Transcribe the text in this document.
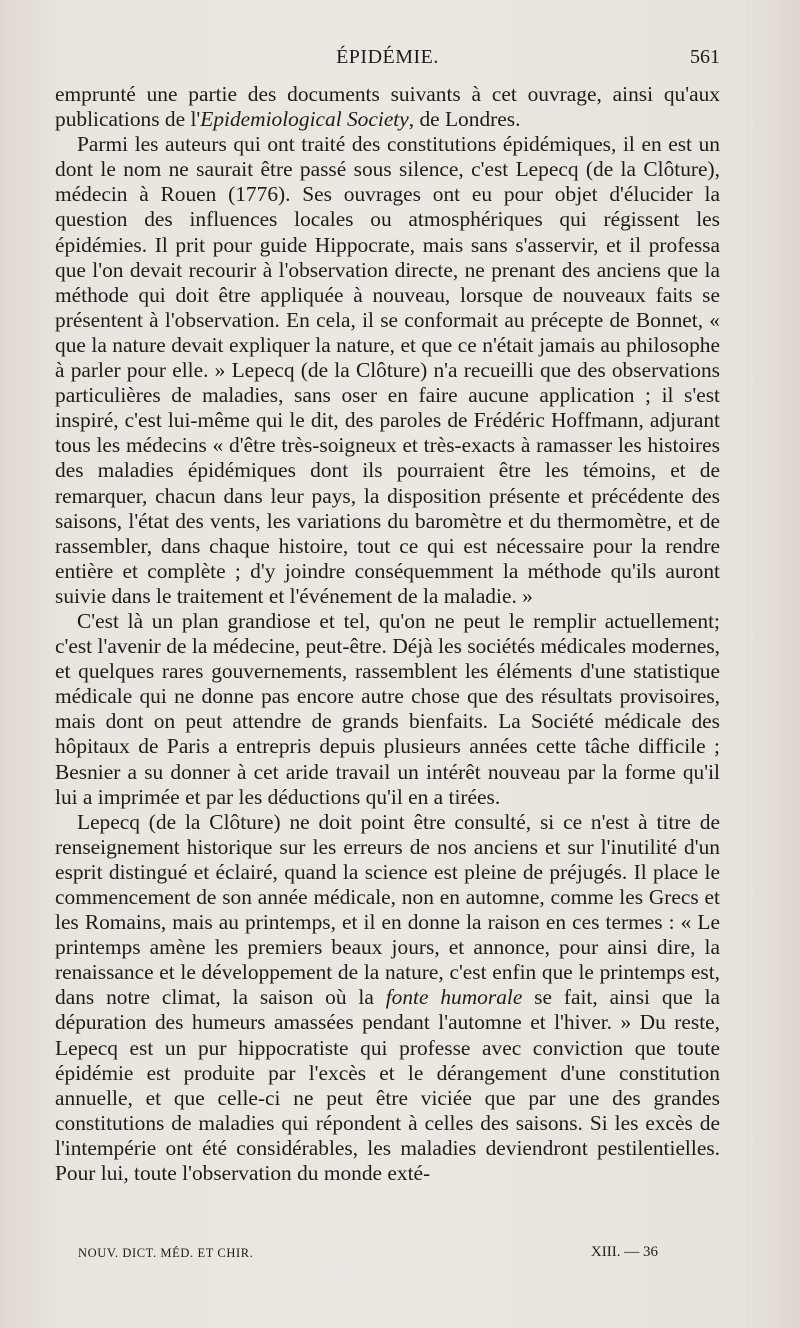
ÉPIDÉMIE.	561

emprunté une partie des documents suivants à cet ouvrage, ainsi qu'aux publications de l'Epidemiological Society, de Londres.

Parmi les auteurs qui ont traité des constitutions épidémiques, il en est un dont le nom ne saurait être passé sous silence, c'est Lepecq (de la Clôture), médecin à Rouen (1776). Ses ouvrages ont eu pour objet d'élucider la question des influences locales ou atmosphériques qui régissent les épidémies. Il prit pour guide Hippocrate, mais sans s'asservir, et il professa que l'on devait recourir à l'observation directe, ne prenant des anciens que la méthode qui doit être appliquée à nouveau, lorsque de nouveaux faits se présentent à l'observation. En cela, il se conformait au précepte de Bonnet, « que la nature devait expliquer la nature, et que ce n'était jamais au philosophe à parler pour elle. » Lepecq (de la Clôture) n'a recueilli que des observations particulières de maladies, sans oser en faire aucune application ; il s'est inspiré, c'est lui-même qui le dit, des paroles de Frédéric Hoffmann, adjurant tous les médecins « d'être très-soigneux et très-exacts à ramasser les histoires des maladies épidémiques dont ils pourraient être les témoins, et de remarquer, chacun dans leur pays, la disposition présente et précédente des saisons, l'état des vents, les variations du baromètre et du thermomètre, et de rassembler, dans chaque histoire, tout ce qui est nécessaire pour la rendre entière et complète ; d'y joindre conséquemment la méthode qu'ils auront suivie dans le traitement et l'événement de la maladie. »

C'est là un plan grandiose et tel, qu'on ne peut le remplir actuellement; c'est l'avenir de la médecine, peut-être. Déjà les sociétés médicales modernes, et quelques rares gouvernements, rassemblent les éléments d'une statistique médicale qui ne donne pas encore autre chose que des résultats provisoires, mais dont on peut attendre de grands bienfaits. La Société médicale des hôpitaux de Paris a entrepris depuis plusieurs années cette tâche difficile ; Besnier a su donner à cet aride travail un intérêt nouveau par la forme qu'il lui a imprimée et par les déductions qu'il en a tirées.

Lepecq (de la Clôture) ne doit point être consulté, si ce n'est à titre de renseignement historique sur les erreurs de nos anciens et sur l'inutilité d'un esprit distingué et éclairé, quand la science est pleine de préjugés. Il place le commencement de son année médicale, non en automne, comme les Grecs et les Romains, mais au printemps, et il en donne la raison en ces termes : « Le printemps amène les premiers beaux jours, et annonce, pour ainsi dire, la renaissance et le développement de la nature, c'est enfin que le printemps est, dans notre climat, la saison où la fonte humorale se fait, ainsi que la dépuration des humeurs amassées pendant l'automne et l'hiver. » Du reste, Lepecq est un pur hippocratiste qui professe avec conviction que toute épidémie est produite par l'excès et le dérangement d'une constitution annuelle, et que celle-ci ne peut être viciée que par une des grandes constitutions de maladies qui répondent à celles des saisons. Si les excès de l'intempérie ont été considérables, les maladies deviendront pestilentielles. Pour lui, toute l'observation du monde exté-

NOUV. DICT. MÉD. ET CHIR.	XIII. — 36
